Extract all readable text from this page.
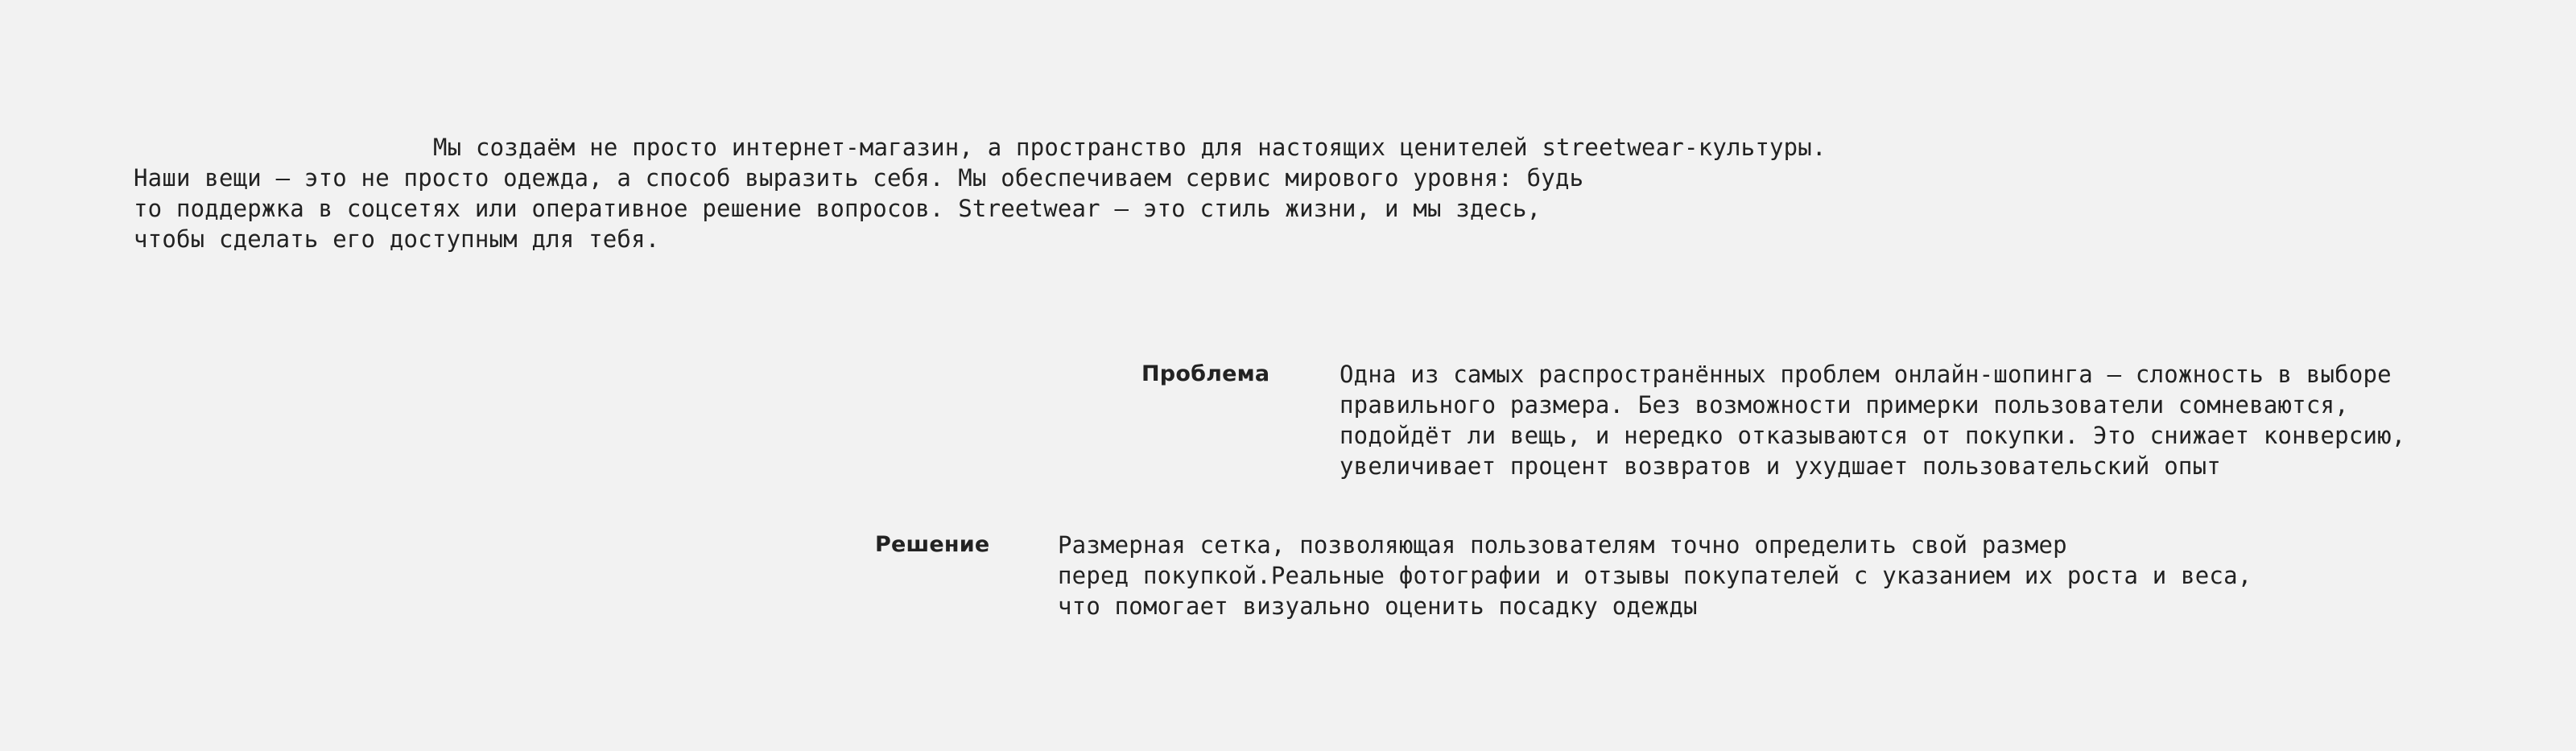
Мы создаём не просто интернет-магазин, а пространство для настоящих ценителей streetwear-культуры.

Наши вещи — это не просто одежда, а способ выразить себя. Мы обеспечиваем сервис мирового уровня: будь

то поддержка в соцсетях или оперативное решение вопросов. Streetwear — это стиль жизни, и мы здесь,

чтобы сделать его доступным для тебя.

Проблема	Одна из самых распространённых проблем онлайн-шопинга — сложность в выборе

правильного размера. Без возможности примерки пользователи сомневаются,

подойдёт ли вещь, и нередко отказываются от покупки. Это снижает конверсию,

увеличивает процент возвратов и ухудшает пользовательский опыт

Решение	Размерная сетка, позволяющая пользователям точно определить свой размер

перед покупкой.Реальные фотографии и отзывы покупателей с указанием их роста и веса,

что помогает визуально оценить посадку одежды
